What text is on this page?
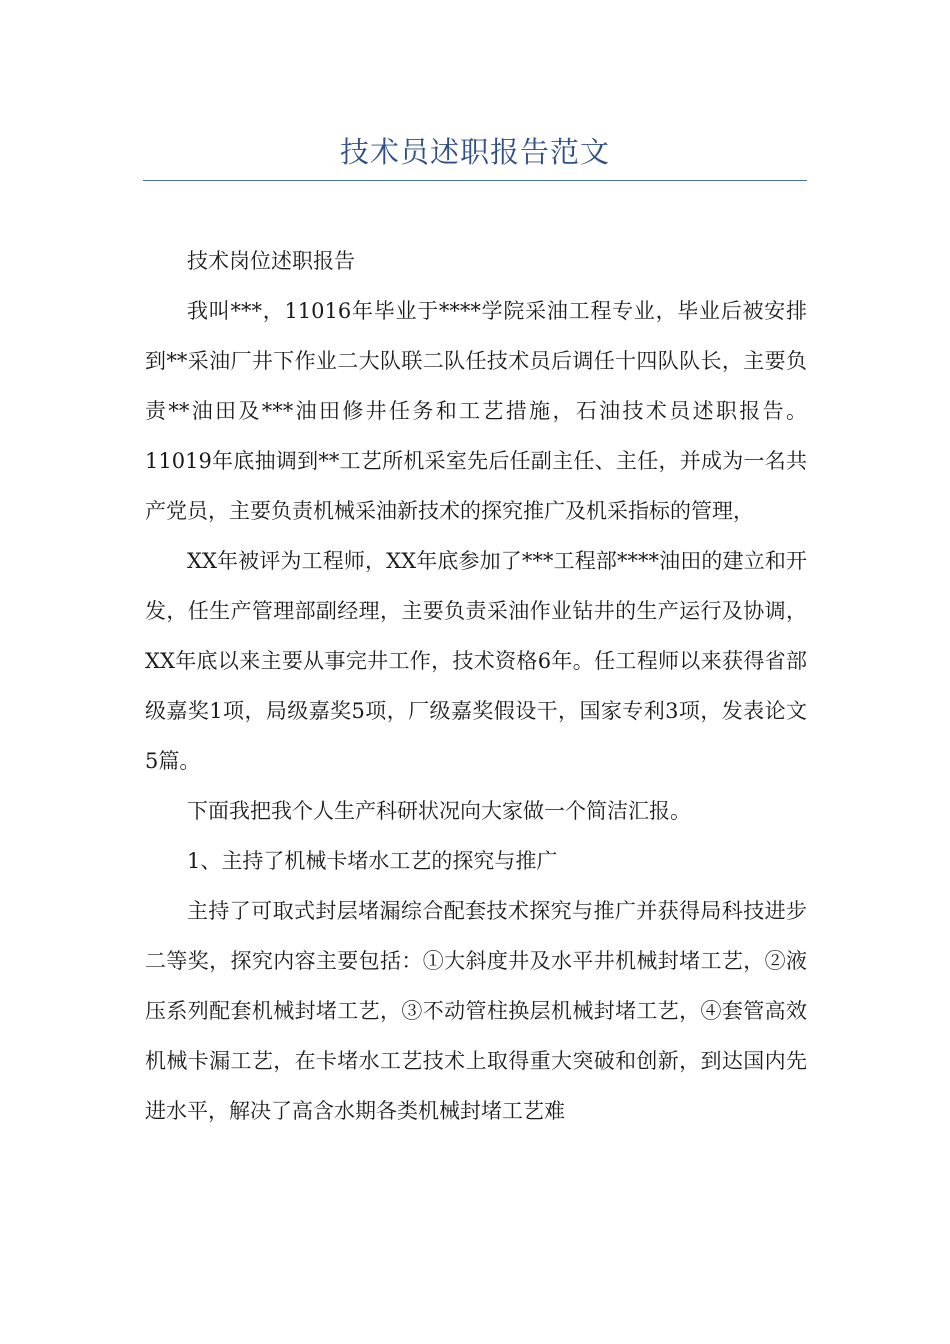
技术员述职报告范文

技术岗位述职报告

我叫***，11016年毕业于****学院采油工程专业，毕业后被安排到**采油厂井下作业二大队联二队任技术员后调任十四队队长，主要负责**油田及***油田修井任务和工艺措施，石油技术员述职报告。11019年底抽调到**工艺所机采室先后任副主任、主任，并成为一名共产党员，主要负责机械采油新技术的探究推广及机采指标的管理，

XX年被评为工程师，XX年底参加了***工程部****油田的建立和开发，任生产管理部副经理，主要负责采油作业钻井的生产运行及协调，XX年底以来主要从事完井工作，技术资格6年。任工程师以来获得省部级嘉奖1项，局级嘉奖5项，厂级嘉奖假设干，国家专利3项，发表论文5篇。

下面我把我个人生产科研状况向大家做一个简洁汇报。

1、主持了机械卡堵水工艺的探究与推广

主持了可取式封层堵漏综合配套技术探究与推广并获得局科技进步二等奖，探究内容主要包括：①大斜度井及水平井机械封堵工艺，②液压系列配套机械封堵工艺，③不动管柱换层机械封堵工艺，④套管高效机械卡漏工艺，在卡堵水工艺技术上取得重大突破和创新，到达国内先进水平，解决了高含水期各类机械封堵工艺难
